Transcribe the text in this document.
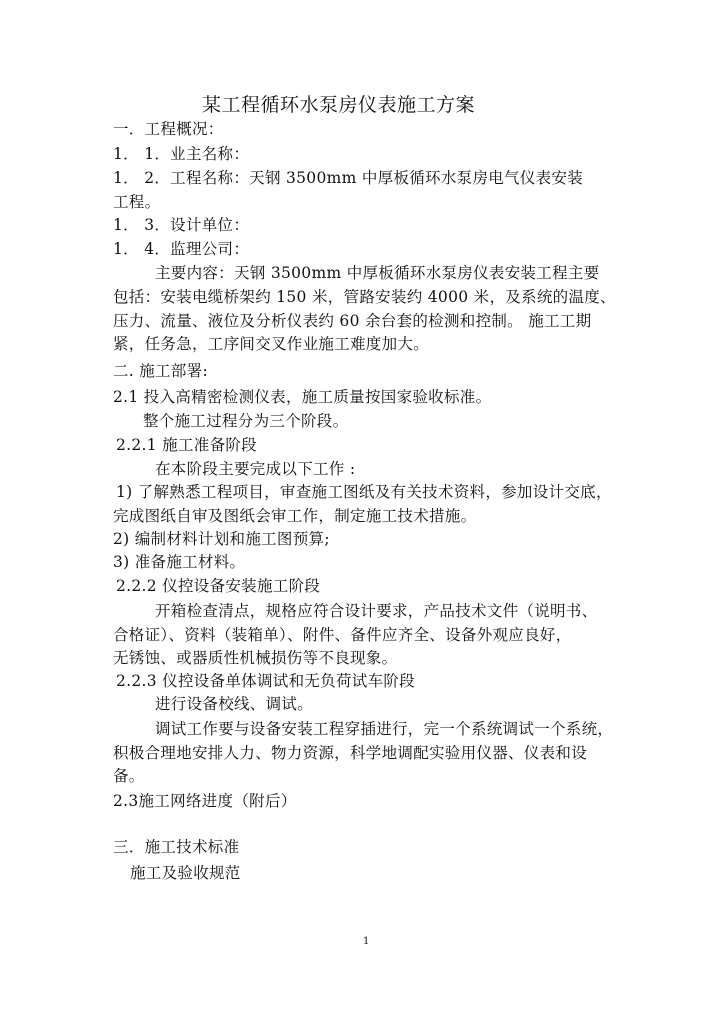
某工程循环水泵房仪表施工方案
一．工程概况：
1． 1．业主名称：
1． 2．工程名称：天钢 3500mm 中厚板循环水泵房电气仪表安装
工程。
1． 3．设计单位：
1． 4．监理公司：
主要内容：天钢 3500mm 中厚板循环水泵房仪表安装工程主要
包括：安装电缆桥架约 150 米，管路安装约 4000 米，及系统的温度、
压力、流量、液位及分析仪表约 60 余台套的检测和控制。 施工工期
紧，任务急，工序间交叉作业施工难度加大。
二. 施工部署:
2.1 投入高精密检测仪表，施工质量按国家验收标准。
整个施工过程分为三个阶段。
2.2.1 施工准备阶段
在本阶段主要完成以下工作 :
1) 了解熟悉工程项目，审查施工图纸及有关技术资料，参加设计交底，
完成图纸自审及图纸会审工作，制定施工技术措施。
2) 编制材料计划和施工图预算;
3) 准备施工材料。
2.2.2 仪控设备安装施工阶段
开箱检查清点，规格应符合设计要求，产品技术文件（说明书、
合格证）、资料（装箱单）、附件、备件应齐全、设备外观应良好，
无锈蚀、或器质性机械损伤等不良现象。
2.2.3 仪控设备单体调试和无负荷试车阶段
进行设备校线、调试。
调试工作要与设备安装工程穿插进行，完一个系统调试一个系统，
积极合理地安排人力、物力资源，科学地调配实验用仪器、仪表和设
备。
2.3施工网络进度（附后）
三．施工技术标准
施工及验收规范
1
